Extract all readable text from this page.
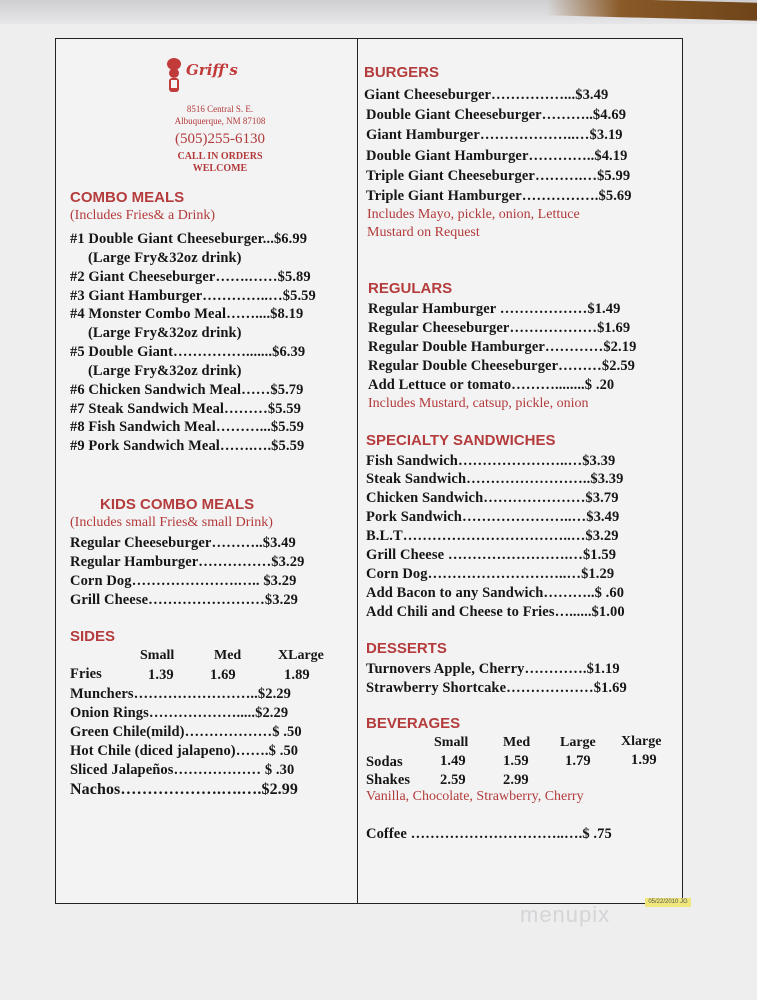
Griff's
8516 Central S. E.
Albuquerque, NM 87108
(505)255-6130
CALL IN ORDERS
WELCOME
COMBO MEALS
(Includes Fries& a Drink)
#1 Double Giant Cheeseburger...$6.99
(Large Fry&32oz drink)
#2 Giant Cheeseburger…….……$5.89
#3 Giant Hamburger…………..…$5.59
#4 Monster Combo Meal……....$8.19
(Large Fry&32oz drink)
#5 Double Giant…………….......$6.39
(Large Fry&32oz drink)
#6 Chicken Sandwich Meal……$5.79
#7 Steak Sandwich Meal………$5.59
#8 Fish Sandwich Meal………...$5.59
#9 Pork Sandwich Meal…….….$5.59
KIDS COMBO MEALS
(Includes small Fries& small Drink)
Regular Cheeseburger………..$3.49
Regular Hamburger……………$3.29
Corn Dog………………….….. $3.29
Grill Cheese……………………$3.29
SIDES
Small	Med	XLarge
Fries	1.39 1.69	1.89
Munchers……………………..$2.29
Onion Rings……………….....$2.29
Green Chile(mild)………………$ .50
Hot Chile (diced jalapeno)…….$ .50
Sliced Jalapeños……………… $ .30
Nachos……………….….….$2.99
BURGERS
Giant Cheeseburger……………...$3.49
Double Giant Cheeseburger………..$4.69
Giant Hamburger………………..…$3.19
Double Giant Hamburger…………..$4.19
Triple Giant Cheeseburger……….…$5.99
Triple Giant Hamburger…………….$5.69
Includes Mayo, pickle, onion, Lettuce
Mustard on Request
REGULARS
Regular Hamburger ………………$1.49
Regular Cheeseburger………………$1.69
Regular Double Hamburger…………$2.19
Regular Double Cheeseburger………$2.59
Add Lettuce or tomato………........$ .20
Includes Mustard, catsup, pickle, onion
SPECIALTY SANDWICHES
Fish Sandwich…………………..…$3.39
Steak Sandwich……………………..$3.39
Chicken Sandwich…………………$3.79
Pork Sandwich…………………..…$3.49
B.L.T……………………………..…$3.29
Grill Cheese …………………….…$1.59
Corn Dog………………………..…$1.29
Add Bacon to any Sandwich………..$ .60
Add Chili and Cheese to Fries…......$1.00
DESSERTS
Turnovers Apple, Cherry………….$1.19
Strawberry Shortcake………………$1.69
BEVERAGES
Small Med Large Xlarge
Sodas	1.49	1.59 1.79	1.99
Shakes 2.59	2.99
Vanilla, Chocolate, Strawberry, Cherry
Coffee …………………………..….$ .75
05/22/2010 JG
menupix
